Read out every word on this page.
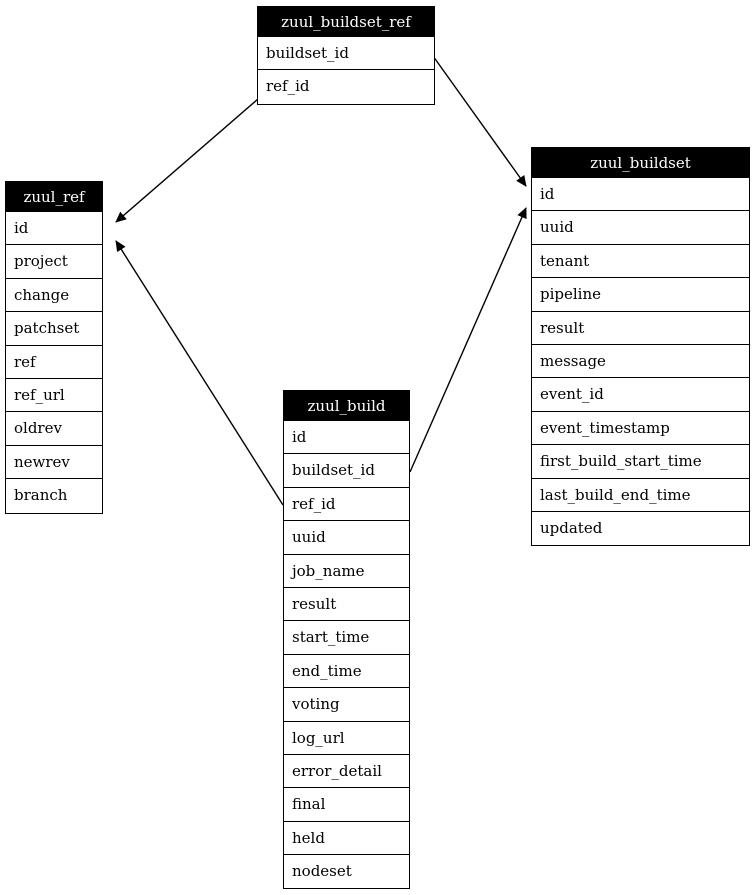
zuul_buildset_ref
buildset_id
ref_id
zuul_buildset
id
uuid
tenant
pipeline
result
message
event_id
event_timestamp
first_build_start_time
last_build_end_time
updated
zuul_ref
id
project
change
patchset
ref
ref_url
oldrev
newrev
branch
zuul_build
id
buildset_id
ref_id
uuid
job_name
result
start_time
end_time
voting
log_url
error_detail
final
held
nodeset
